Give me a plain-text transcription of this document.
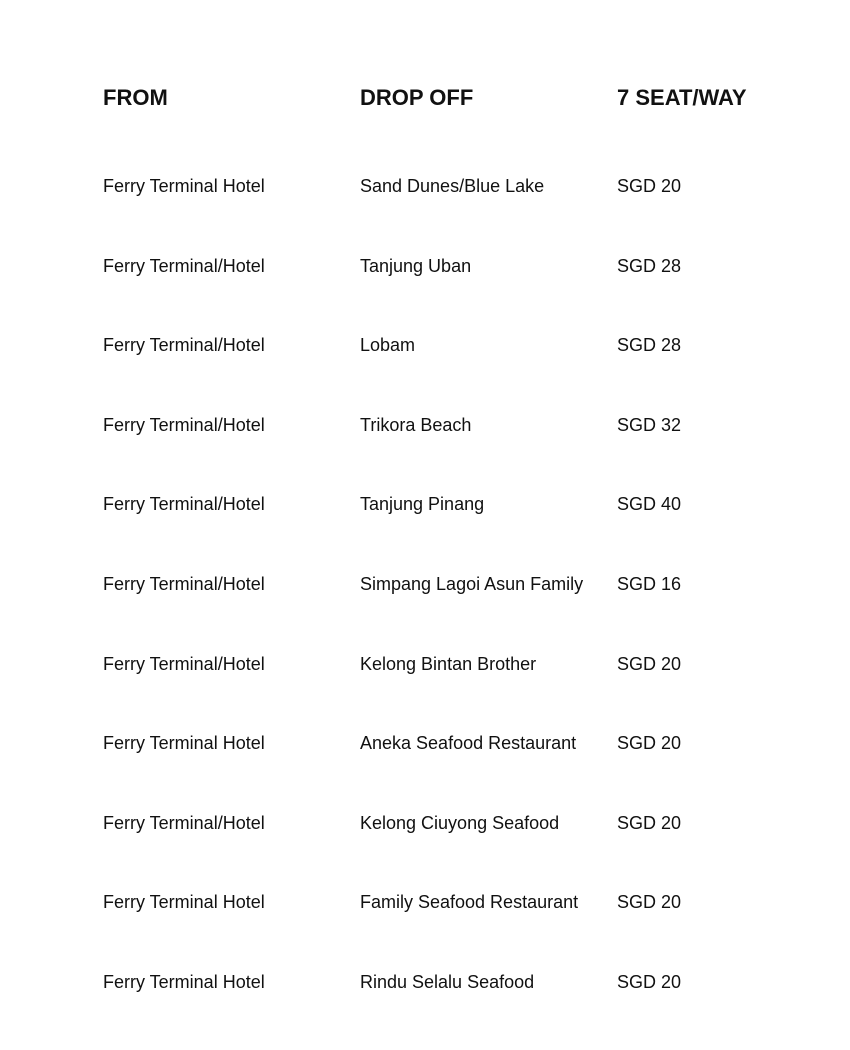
FROM	DROP OFF	7 SEAT/WAY
Ferry Terminal Hotel	Sand Dunes/Blue Lake	SGD 20
Ferry Terminal/Hotel	Tanjung Uban	SGD 28
Ferry Terminal/Hotel	Lobam	SGD 28
Ferry Terminal/Hotel	Trikora Beach	SGD 32
Ferry Terminal/Hotel	Tanjung Pinang	SGD 40
Ferry Terminal/Hotel	Simpang Lagoi Asun Family SGD 16
Ferry Terminal/Hotel	Kelong Bintan Brother	SGD 20
Ferry Terminal Hotel	Aneka Seafood Restaurant SGD 20
Ferry Terminal/Hotel	Kelong Ciuyong Seafood	SGD 20
Ferry Terminal Hotel	Family Seafood Restaurant SGD 20
Ferry Terminal Hotel	Rindu Selalu Seafood	SGD 20
